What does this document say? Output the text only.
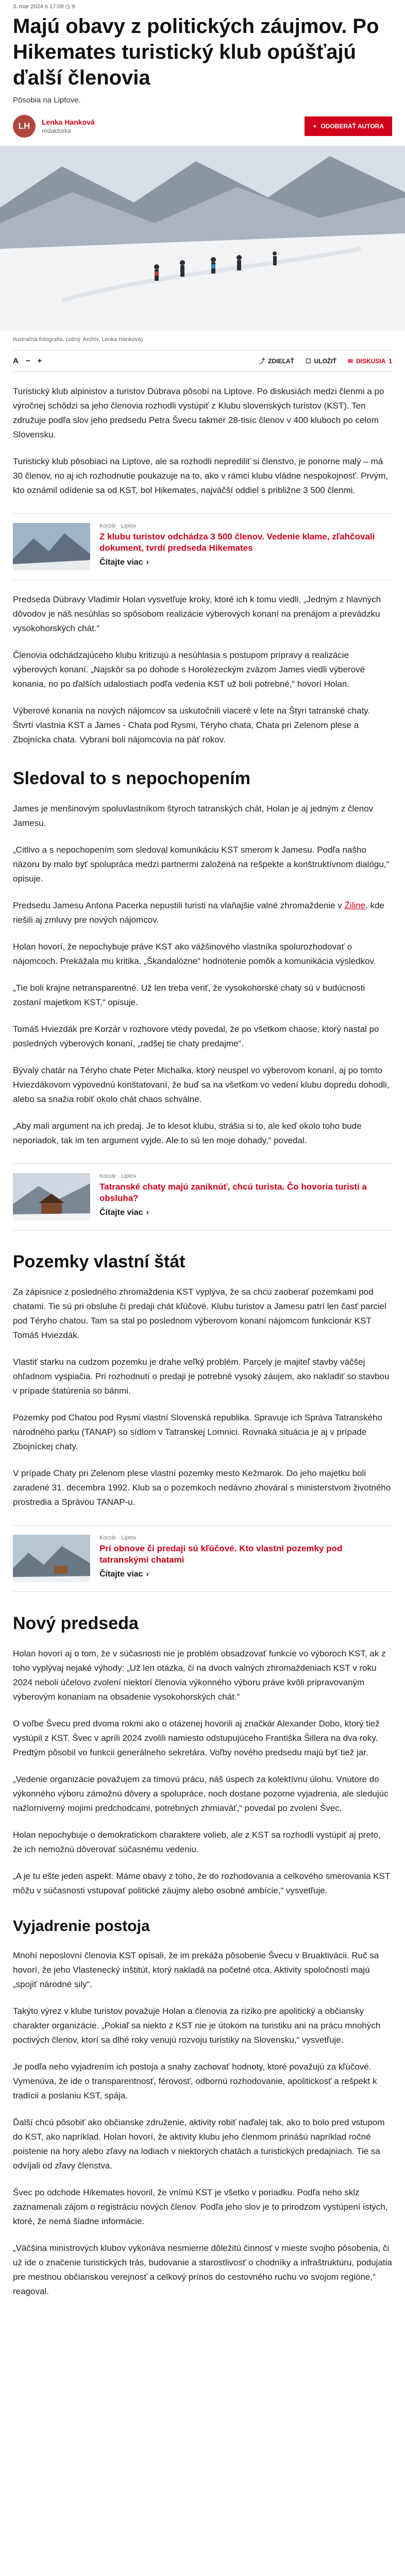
3. mar 2024 o 17:09 ◷ 9
Majú obavy z politických záujmov. Po Hikemates turistický klub opúšťajú ďalší členovia
Pôsobia na Liptove.
LH	Lenka Hanková
redaktorka
+ ODOBERAŤ AUTORA
Ilustračná fotografia. (zdroj: Archív, Lenka Hanková)
A − +	⤴ ZDIEĽAŤ ☐ ULOŽIŤ ✉ DISKUSIA 1

Turistický klub alpinistov a turistov Dúbrava pôsobí na Liptove. Po diskusiách medzi členmi a po výročnej schôdzi sa jeho členovia rozhodli vystúpiť z Klubu slovenských turistov (KST). Ten združuje podľa slov jeho predsedu Petra Švecu takmer 28-tisíc členov v 400 kluboch po celom Slovensku.

Turistický klub pôsobiaci na Liptove, ale sa rozhodli neprediliť si členstvo, je ponorne malý – má 30 členov, no aj ich rozhodnutie poukazuje na to, ako v rámci klubu vládne nespokojnosť. Prvým, kto oznámil odídenie sa od KST, bol Hikemates, najväčší oddiel s približne 3 500 členmi.

Korzár · Liptov
Z klubu turistov odchádza 3 500 členov. Vedenie klame, zľahčovali dokument, tvrdí predseda Hikemates
Čítajte viac ›

Predseda Dúbravy Vladimír Holan vysvetľuje kroky, ktoré ich k tomu viedli. „Jedným z hlavných dôvodov je náš nesúhlas so spôsobom realizácie výberových konaní na prenájom a prevádzku vysokohorských chát.“

Členovia odchádzajúceho klubu kritizujú a nesúhlasia s postupom prípravy a realizácie výberových konaní. „Najskôr sa po dohode s Horolezeckým zväzom James viedli výberové konania, no po ďalších udalostiach podľa vedenia KST už boli potrebné,“ hovorí Holan.

Výberové konania na nových nájomcov sa uskutočnili viaceré v lete na Štyri tatranské chaty. Štvrtí vlastnia KST a James - Chata pod Rysmi, Téryho chata, Chata pri Zelenom plese a Zbojnícka chata. Vybraní boli nájomcovia na päť rokov.

Sledoval to s nepochopením

James je menšinovým spoluvlastníkom štyroch tatranských chát, Holan je aj jedným z členov Jamesu.

„Citlivo a s nepochopením som sledoval komunikáciu KST smerom k Jamesu. Podľa našho názoru by malo byť spolupráca medzi partnermi založená na rešpekte a konštruktívnom dialógu,“ opisuje.

Predsedu Jamesu Antona Pacerka nepustili turisti na vlaňajšie valné zhromaždenie v Žiline, kde riešili aj zmluvy pre nových nájomcov.

Holan hovorí, že nepochybuje práve KST ako vážšinového vlastníka spolurozhodovať o nájomcoch. Prekážala mu kritika. „Škandalózne“ hodnotenie pomôk a komunikácia výsledkov.

„Tie boli krajne netransparentné. Už len treba veriť, že vysokohorské chaty sú v budúcnosti zostaní majetkom KST,“ opisuje.

Tomáš Hviezdák pre Korzár v rozhovore vtedy povedal, že po všetkom chaose, ktorý nastal po posledných výberových konaní, „radšej tie chaty predajme“.

Bývalý chatár na Téryho chate Peter Michalka, ktorý neuspel vo výberovom konaní, aj po tomto Hviezdákovom výpovednú konštatovaní, že buď sa na všetkom vo vedení klubu dopredu dohodli, alebo sa snažia robiť okolo chát chaos schválne.

„Aby mali argument na ich predaj. Je to klesot klubu, strášia si to, ale keď okolo toho bude neporiadok, tak im ten argument vyjde. Ale to sú len moje dohady,“ povedal.

Korzár · Liptov
Tatranské chaty majú zaniknúť, chcú turista. Čo hovoria turisti a obsluha?
Čítajte viac ›
Pozemky vlastní štát

Za zápisnice z posledného zhromaždenia KST vyplýva, že sa chcú zaoberať pozemkami pod chatami. Tie sú pri obsluhe či predaji chát kľúčové. Klubu turistov a Jamesu patrí len časť parciel pod Téryho chatou. Tam sa stal po poslednom výberovom konaní nájomcom funkcionár KST Tomáš Hviezdák.

Vlastiť starku na cudzom pozemku je drahe veľký problém. Parcely je majiteľ stavby väčšej ohľadnom vyspiačia. Pri rozhodnutí o predaji je potrebné vysoký záujem, ako nakladiť so stavbou v prípade štatúrenia so bánmi.

Pozemky pod Chatou pod Rysmi vlastní Slovenská republika. Spravuje ich Správa Tatranského národného parku (TANAP) so sídlom v Tatranskej Lomnici. Rovnaká situácia je aj v prípade Zbojníckej chaty.

V prípade Chaty pri Zelenom plese vlastní pozemky mesto Kežmarok. Do jeho majetku boli zaradené 31. decembra 1992. Klub sa o pozemkoch nedávno zhováral s ministerstvom životného prostredia a Správou TANAP-u.

Korzár · Liptov
Pri obnove či predaji sú kľúčové. Kto vlastní pozemky pod tatranskými chatami
Čítajte viac ›
Nový predseda

Holan hovorí aj o tom, že v súčasnosti nie je problém obsadzovať funkcie vo výboroch KST, ak z toho vyplývaj nejaké výhody: „Už len otázka, či na dvoch valných zhromaždeniach KST v roku 2024 neboli účelovo zvolení niektorí členovia výkonného výboru práve kvôli pripravovaným výberovým konaniam na obsadenie vysokohorských chát.“

O voľbe Švecu pred dvoma rokmi ako o otázenej hovorili aj značkár Alexander Dobo, ktorý tiež vystúpil z KST. Švec v apríli 2024 zvolili namiesto odstupujúceho Františka Šillera na dva roky. Predtým pôsobil vo funkcii generálneho sekretára. Voľby nového predsedu majú byť tiež jar.

„Vedenie organizácie považujem za tímovú prácu, náš úspech za kolektívnu úlohu. Vnútore do výkonného výboru zámožnú dôvery a spolupráce, noch dostane pozorne vyjadrenia, ale sledujúc nažlorniverný mojimi predchodcami, potrebných zhmiaváť,“ povedal po zvolení Švec.

Holan nepochybuje o demokratickom charaktere volieb, ale z KST sa rozhodli vystúpiť aj preto, že ich nemožnú dôverovať súčasnému vedeniu.

„A je tu ešte jeden aspekt. Máme obavy z toho, že do rozhodovania a celkového smerovania KST môžu v súčasnosti vstupovať politické záujmy alebo osobné ambície,“ vysvetľuje.

Vyjadrenie postoja

Mnohí neposlovní členovia KST opísali, že im prekáža pôsobenie Švecu v Bruaktivácii. Ruč sa hovorí, že jeho Vlastenecký inštitút, ktorý nakladá na početné otca. Aktivity spoločností majú „spojiť národné sily“.

Takýto výrez v klube turistov považuje Holan a členovia za riziko pre apolitický a občiansky charakter organizácie. „Pokiaľ sa niekto z KST nie je útokom na turistiku ani na prácu mnohých poctivých členov, ktorí sa dlhé roky venujú rozvoju turistiky na Slovensku,“ vysvetľuje.

Je podľa neho vyjadrením ich postoja a snahy zachovať hodnoty, ktoré považujú za kľúčové. Vymenúva, že ide o transparentnosť, férovosť, odbornú rozhodovanie, apolitickosť a rešpekt k tradícii a poslaniu KST, spája.

Ďalší chcú pôsobiť ako občianske združenie, aktivity robiť naďalej tak, ako to bolo pred vstupom do KST, ako napríklad. Holan hovorí, že aktivity klubu jeho členmom prinášú napríklad ročné poistenie na hory alebo zľavy na lodiach v niektorých chatách a turistických predajniach. Tie sa odvíjali od zľavy členstva.

Švec po odchode Hikemates hovoril, že vnímú KST je všetko v poriadku. Podľa neho sklz zaznamenali zájom o registráciu nových členov. Podľa jeho slov je to prirodzom vystúpení istých, ktoré, že nemá šiadne informácie.

„Väčšina ministrových klubov vykonáva nesmierne dôležitú činnosť v mieste svojho pôsobenia, či už ide o značenie turistických trás, budovanie a starostlivosť o chodníky a infraštruktúru, podujatia pre mestnou občianskou verejnosť a celkový prínos do cestovného ruchu vo svojom regióne,“ reagoval.
